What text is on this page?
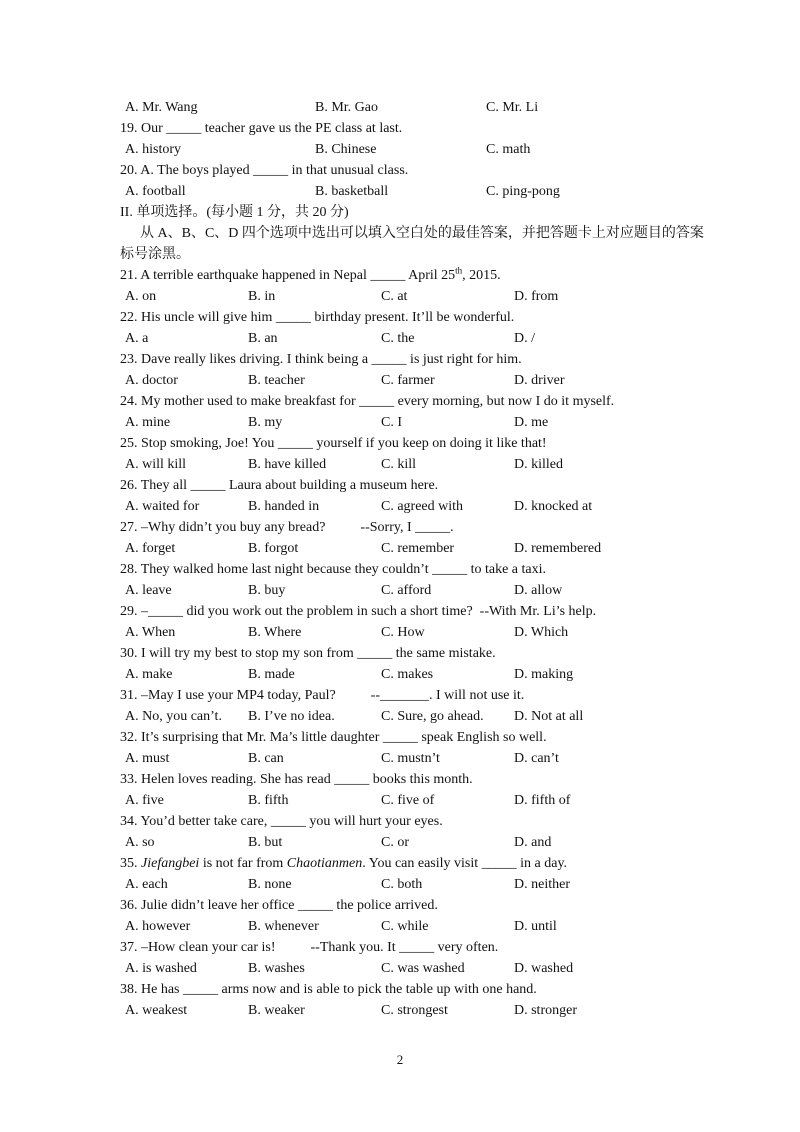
A. Mr. Wang	B. Mr. Gao	C. Mr. Li
19. Our _____ teacher gave us the PE class at last.
A. history	B. Chinese	C. math
20. A. The boys played _____ in that unusual class.
A. football	B. basketball	C. ping-pong
II. 单项选择。(每小题 1 分，共 20 分)
从 A、B、C、D 四个选项中选出可以填入空白处的最佳答案，并把答题卡上对应题目的答案标号涂黑。
21. A terrible earthquake happened in Nepal _____ April 25th, 2015.
A. on	B. in	C. at	D. from
22. His uncle will give him _____ birthday present. It’ll be wonderful.
A. a	B. an	C. the	D. /
23. Dave really likes driving. I think being a _____ is just right for him.
A. doctor	B. teacher	C. farmer	D. driver
24. My mother used to make breakfast for _____ every morning, but now I do it myself.
A. mine	B. my	C. I	D. me
25. Stop smoking, Joe! You _____ yourself if you keep on doing it like that!
A. will kill	B. have killed	C. kill	D. killed
26. They all _____ Laura about building a museum here.
A. waited for	B. handed in	C. agreed with	D. knocked at
27. –Why didn’t you buy any bread?          --Sorry, I _____.
A. forget	B. forgot	C. remember	D. remembered
28. They walked home last night because they couldn’t _____ to take a taxi.
A. leave	B. buy	C. afford	D. allow
29. –_____ did you work out the problem in such a short time?  --With Mr. Li’s help.
A. When	B. Where	C. How	D. Which
30. I will try my best to stop my son from _____ the same mistake.
A. make	B. made	C. makes	D. making
31. –May I use your MP4 today, Paul?          --_______. I will not use it.
A. No, you can’t. B. I’ve no idea.	C. Sure, go ahead. D. Not at all
32. It’s surprising that Mr. Ma’s little daughter _____ speak English so well.
A. must	B. can	C. mustn’t	D. can’t
33. Helen loves reading. She has read _____ books this month.
A. five	B. fifth	C. five of	D. fifth of
34. You’d better take care, _____ you will hurt your eyes.
A. so	B. but	C. or	D. and
35. Jiefangbei is not far from Chaotianmen. You can easily visit _____ in a day.
A. each	B. none	C. both	D. neither
36. Julie didn’t leave her office _____ the police arrived.
A. however	B. whenever	C. while	D. until
37. –How clean your car is!          --Thank you. It _____ very often.
A. is washed	B. washes	C. was washed	D. washed
38. He has _____ arms now and is able to pick the table up with one hand.
A. weakest	B. weaker	C. strongest	D. stronger
2
